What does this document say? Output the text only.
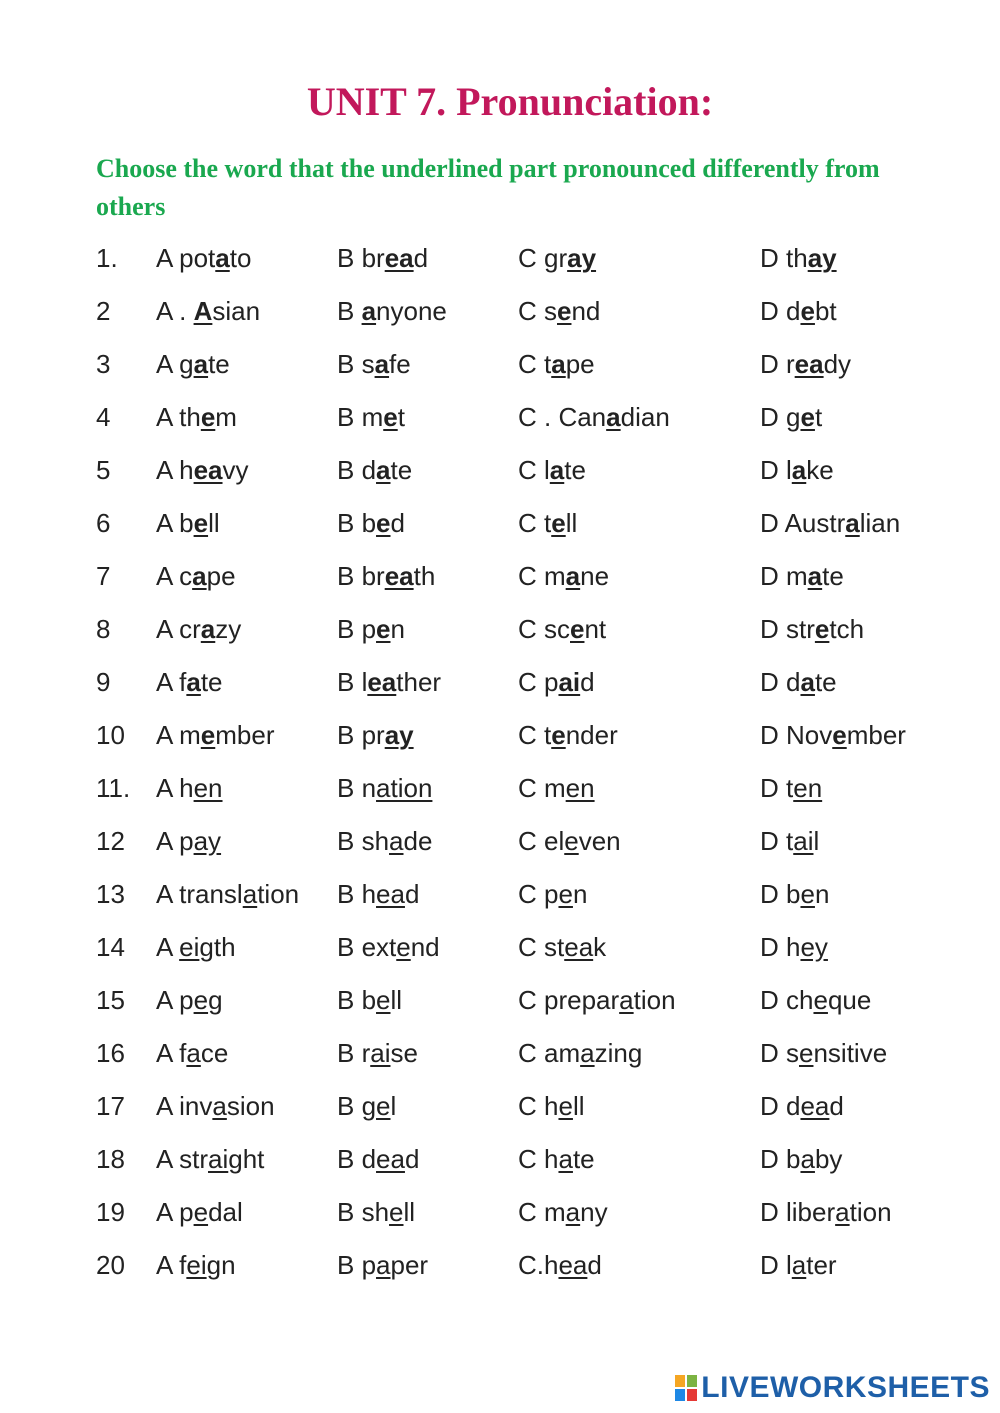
UNIT 7. Pronunciation:

Choose the word that the underlined part pronounced differently from others

1. A potato	B bread	C gray	D thay
2 A . Asian	B anyone	C send	D debt
3 A gate	B safe	C tape	D ready
4 A them	B met	C . Canadian	D get
5 A heavy	B date	C late	D lake
6 A bell	B bed	C tell	D Australian
7 A cape	B breath	C mane	D mate
8 A crazy	B pen	C scent	D stretch
9 A fate	B leather	C paid	D date
10 A member B pray	C tender	D November
11. A hen	B nation	C men	D ten
12 A pay	B shade	C eleven	D tail
13 A translation B head	C pen	D ben
14 A eigth	B extend	C steak	D hey
15 A peg	B bell	C preparation	D cheque
16 A face	B raise	C amazing	D sensitive
17 A invasion B gel	C hell	D dead
18 A straight	B dead	C hate	D baby
19 A pedal	B shell	C many	D liberation
20 A feign	B paper	C.head	D later
LIVEWORKSHEETS
